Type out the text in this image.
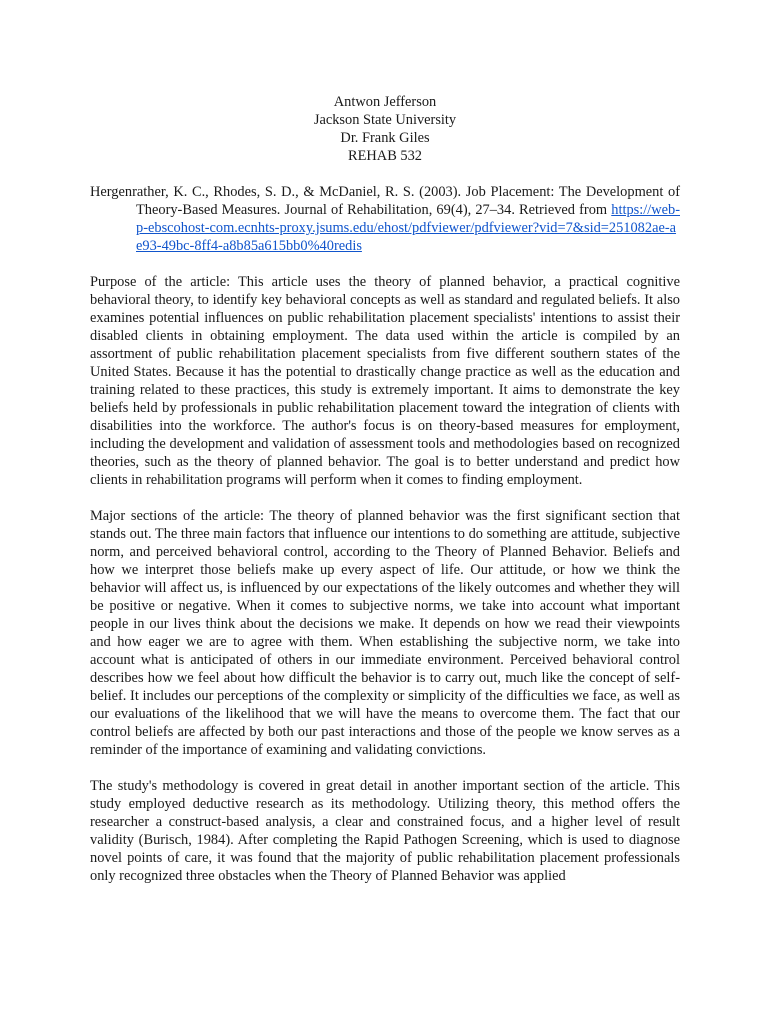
Antwon Jefferson
Jackson State University
Dr. Frank Giles
REHAB 532
Hergenrather, K. C., Rhodes, S. D., & McDaniel, R. S. (2003). Job Placement: The Development of Theory-Based Measures. Journal of Rehabilitation, 69(4), 27–34. Retrieved from https://web-p-ebscohost-com.ecnhts-proxy.jsums.edu/ehost/pdfviewer/pdfviewer?vid=7&sid=251082ae-ae93-49bc-8ff4-a8b85a615bb0%40redis

Purpose of the article: This article uses the theory of planned behavior, a practical cognitive behavioral theory, to identify key behavioral concepts as well as standard and regulated beliefs. It also examines potential influences on public rehabilitation placement specialists' intentions to assist their disabled clients in obtaining employment. The data used within the article is compiled by an assortment of public rehabilitation placement specialists from five different southern states of the United States. Because it has the potential to drastically change practice as well as the education and training related to these practices, this study is extremely important. It aims to demonstrate the key beliefs held by professionals in public rehabilitation placement toward the integration of clients with disabilities into the workforce. The author's focus is on theory-based measures for employment, including the development and validation of assessment tools and methodologies based on recognized theories, such as the theory of planned behavior. The goal is to better understand and predict how clients in rehabilitation programs will perform when it comes to finding employment.

Major sections of the article: The theory of planned behavior was the first significant section that stands out. The three main factors that influence our intentions to do something are attitude, subjective norm, and perceived behavioral control, according to the Theory of Planned Behavior. Beliefs and how we interpret those beliefs make up every aspect of life. Our attitude, or how we think the behavior will affect us, is influenced by our expectations of the likely outcomes and whether they will be positive or negative. When it comes to subjective norms, we take into account what important people in our lives think about the decisions we make. It depends on how we read their viewpoints and how eager we are to agree with them. When establishing the subjective norm, we take into account what is anticipated of others in our immediate environment. Perceived behavioral control describes how we feel about how difficult the behavior is to carry out, much like the concept of self-belief. It includes our perceptions of the complexity or simplicity of the difficulties we face, as well as our evaluations of the likelihood that we will have the means to overcome them. The fact that our control beliefs are affected by both our past interactions and those of the people we know serves as a reminder of the importance of examining and validating convictions.

The study's methodology is covered in great detail in another important section of the article. This study employed deductive research as its methodology. Utilizing theory, this method offers the researcher a construct-based analysis, a clear and constrained focus, and a higher level of result validity (Burisch, 1984). After completing the Rapid Pathogen Screening, which is used to diagnose novel points of care, it was found that the majority of public rehabilitation placement professionals only recognized three obstacles when the Theory of Planned Behavior was applied
